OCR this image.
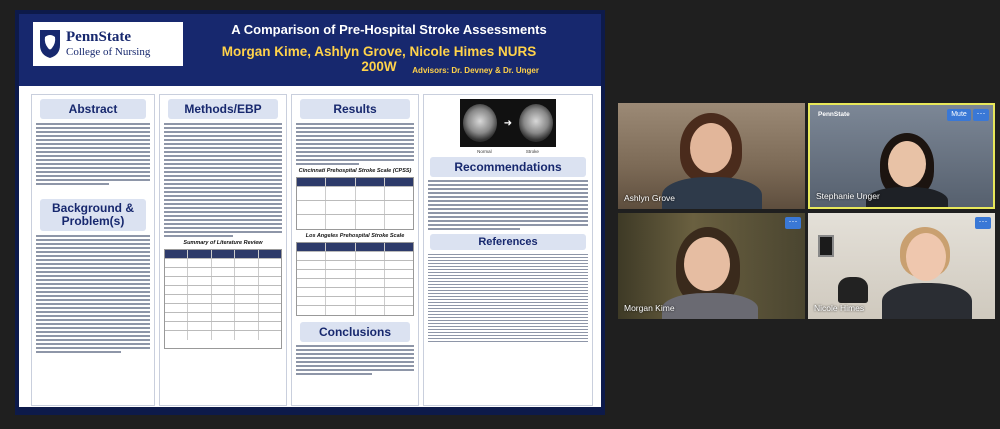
PennState
College of Nursing
A Comparison of Pre-Hospital Stroke Assessments
Morgan Kime, Ashlyn Grove, Nicole Himes NURS 200W	Advisors: Dr. Devney & Dr. Unger
Abstract
Background & Problem(s)
Methods/EBP
Summary of Literature Review
Results
Cincinnati Prehospital Stroke Scale (CPSS)
Los Angeles Prehospital Stroke Scale
Conclusions
➜
Normal	Stroke
Recommendations
References
Ashlyn Grove
PennState	Mute	···
Stephanie Unger
···
Morgan Kime
···
Nicole Himes
